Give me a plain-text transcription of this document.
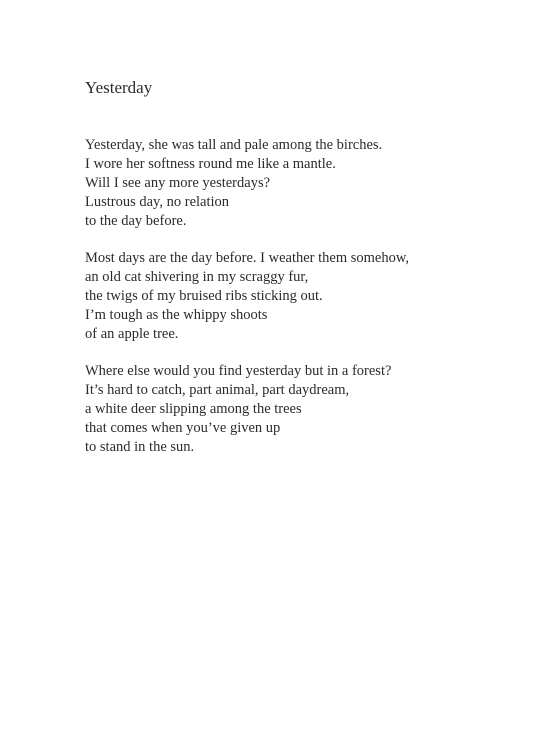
Yesterday
Yesterday, she was tall and pale among the birches.
I wore her softness round me like a mantle.
Will I see any more yesterdays?
Lustrous day, no relation
to the day before.
Most days are the day before. I weather them somehow,
an old cat shivering in my scraggy fur,
the twigs of my bruised ribs sticking out.
I’m tough as the whippy shoots
of an apple tree.
Where else would you find yesterday but in a forest?
It’s hard to catch, part animal, part daydream,
a white deer slipping among the trees
that comes when you’ve given up
to stand in the sun.
